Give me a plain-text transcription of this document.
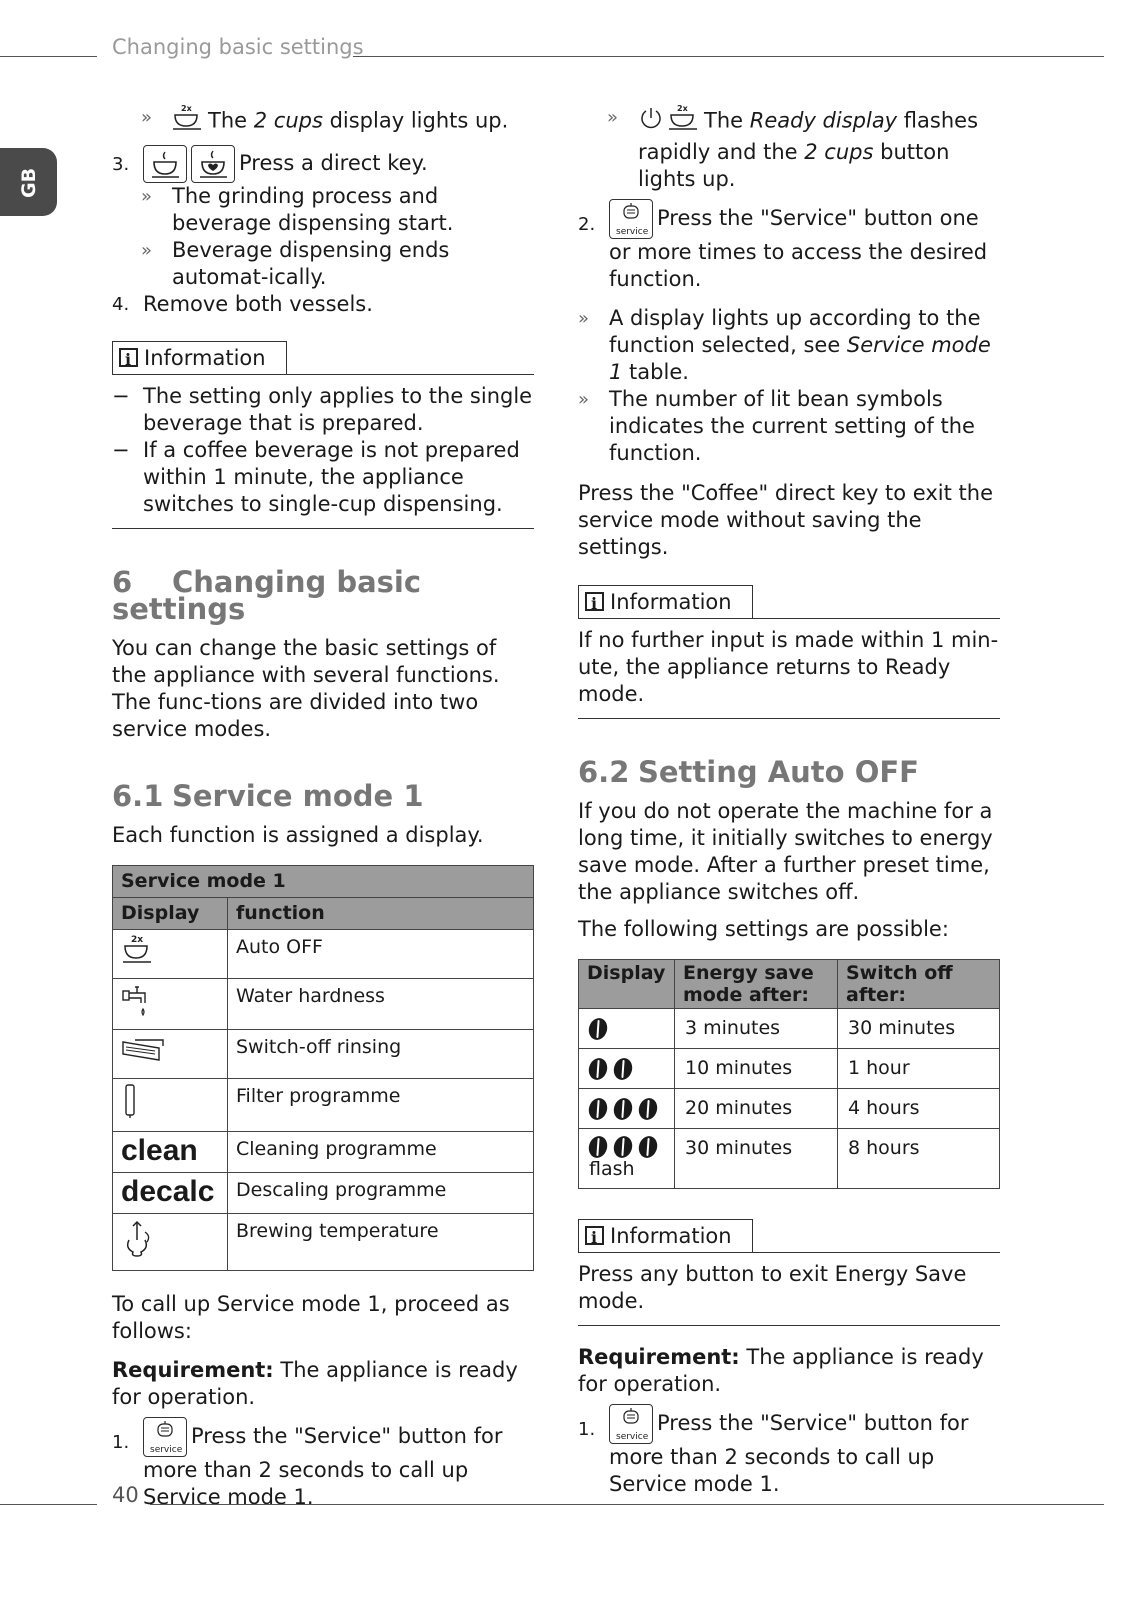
Changing basic settings
GB
»	2x The 2 cups display lights up.
3.	Press a direct key.
» The grinding process and beverage dispensing start.
» Beverage dispensing ends automat-ically.
4. Remove both vessels.
iInformation
− The setting only applies to the single beverage that is prepared.
− If a coffee beverage is not prepared within 1 minute, the appliance switches to single-cup dispensing.
6 Changing basic settings
You can change the basic settings of the appliance with several functions. The func-tions are divided into two service modes.
6.1 Service mode 1
Each function is assigned a display.
Service mode 1	
Display	function

2x	Auto OFF
	Water hardness
	Switch-off rinsing
	Filter programme
clean	Cleaning programme
decalc	Descaling programme
	Brewing temperature
To call up Service mode 1, proceed as follows:
Requirement: The appliance is ready for operation.
1. service
Press the "Service" button for more than 2 seconds to call up Service mode 1.
»	2x The Ready display flashes rapidly and the 2 cups button lights up.
2. service
Press the "Service" button one or more times to access the desired function.
» A display lights up according to the function selected, see Service mode 1 table.
» The number of lit bean symbols indicates the current setting of the function.
Press the "Coffee" direct key to exit the service mode without saving the settings.
iInformation
If no further input is made within 1 min-ute, the appliance returns to Ready mode.
6.2 Setting Auto OFF
If you do not operate the machine for a long time, it initially switches to energy save mode. After a further preset time, the appliance switches off.
The following settings are possible:
Display	Energy save mode after:	Switch off after:
	3 minutes	30 minutes
	10 minutes	1 hour
	20 minutes	4 hours

flash	30 minutes	8 hours
iInformation
Press any button to exit Energy Save mode.
Requirement: The appliance is ready for operation.
1. service
Press the "Service" button for more than 2 seconds to call up Service mode 1.
40
